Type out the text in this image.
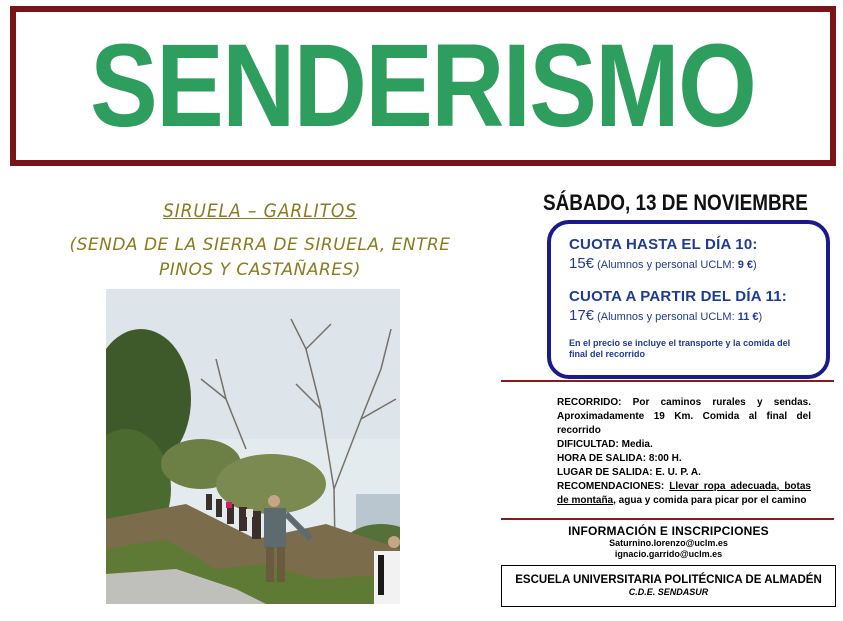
SENDERISMO
SIRUELA – GARLITOS
(SENDA DE LA SIERRA DE SIRUELA, ENTRE PINOS Y CASTAÑARES)
SÁBADO, 13 DE NOVIEMBRE
CUOTA HASTA EL DÍA 10:
15€ (Alumnos y personal UCLM: 9 €)
CUOTA A PARTIR DEL DÍA 11:
17€ (Alumnos y personal UCLM: 11 €)
En el precio se incluye el transporte y la comida del final del recorrido
RECORRIDO: Por caminos rurales y sendas. Aproximadamente 19 Km. Comida al final del recorrido
DIFICULTAD: Media.
HORA DE SALIDA: 8:00 H.
LUGAR DE SALIDA: E. U. P. A.
RECOMENDACIONES: Llevar ropa adecuada, botas de montaña, agua y comida para picar por el camino
INFORMACIÓN E INSCRIPCIONES
Saturnino.lorenzo@uclm.es
ignacio.garrido@uclm.es
ESCUELA UNIVERSITARIA POLITÉCNICA DE ALMADÉN
C.D.E. SENDASUR
